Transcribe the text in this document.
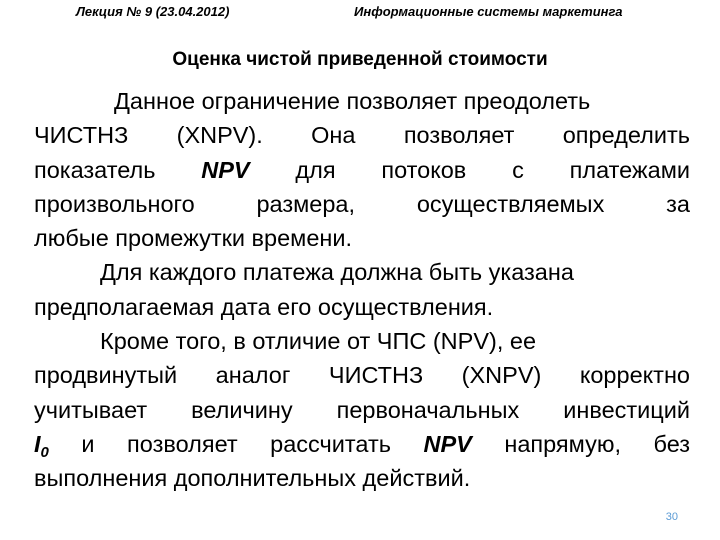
Лекция № 9 (23.04.2012)	Информационные системы маркетинга
Оценка чистой приведенной стоимости
Данное ограничение позволяет преодолеть
ЧИСТНЗ (XNPV). Она позволяет определить
показатель NPV для потоков с платежами
произвольного размера, осуществляемых за
любые промежутки времени.
Для каждого платежа должна быть указана
предполагаемая дата его осуществления.
Кроме того, в отличие от ЧПС (NPV), ее
продвинутый аналог ЧИСТНЗ (XNPV) корректно
учитывает величину первоначальных инвестиций
$I_0$ и позволяет рассчитать NPV напрямую, без
выполнения дополнительных действий.
30
